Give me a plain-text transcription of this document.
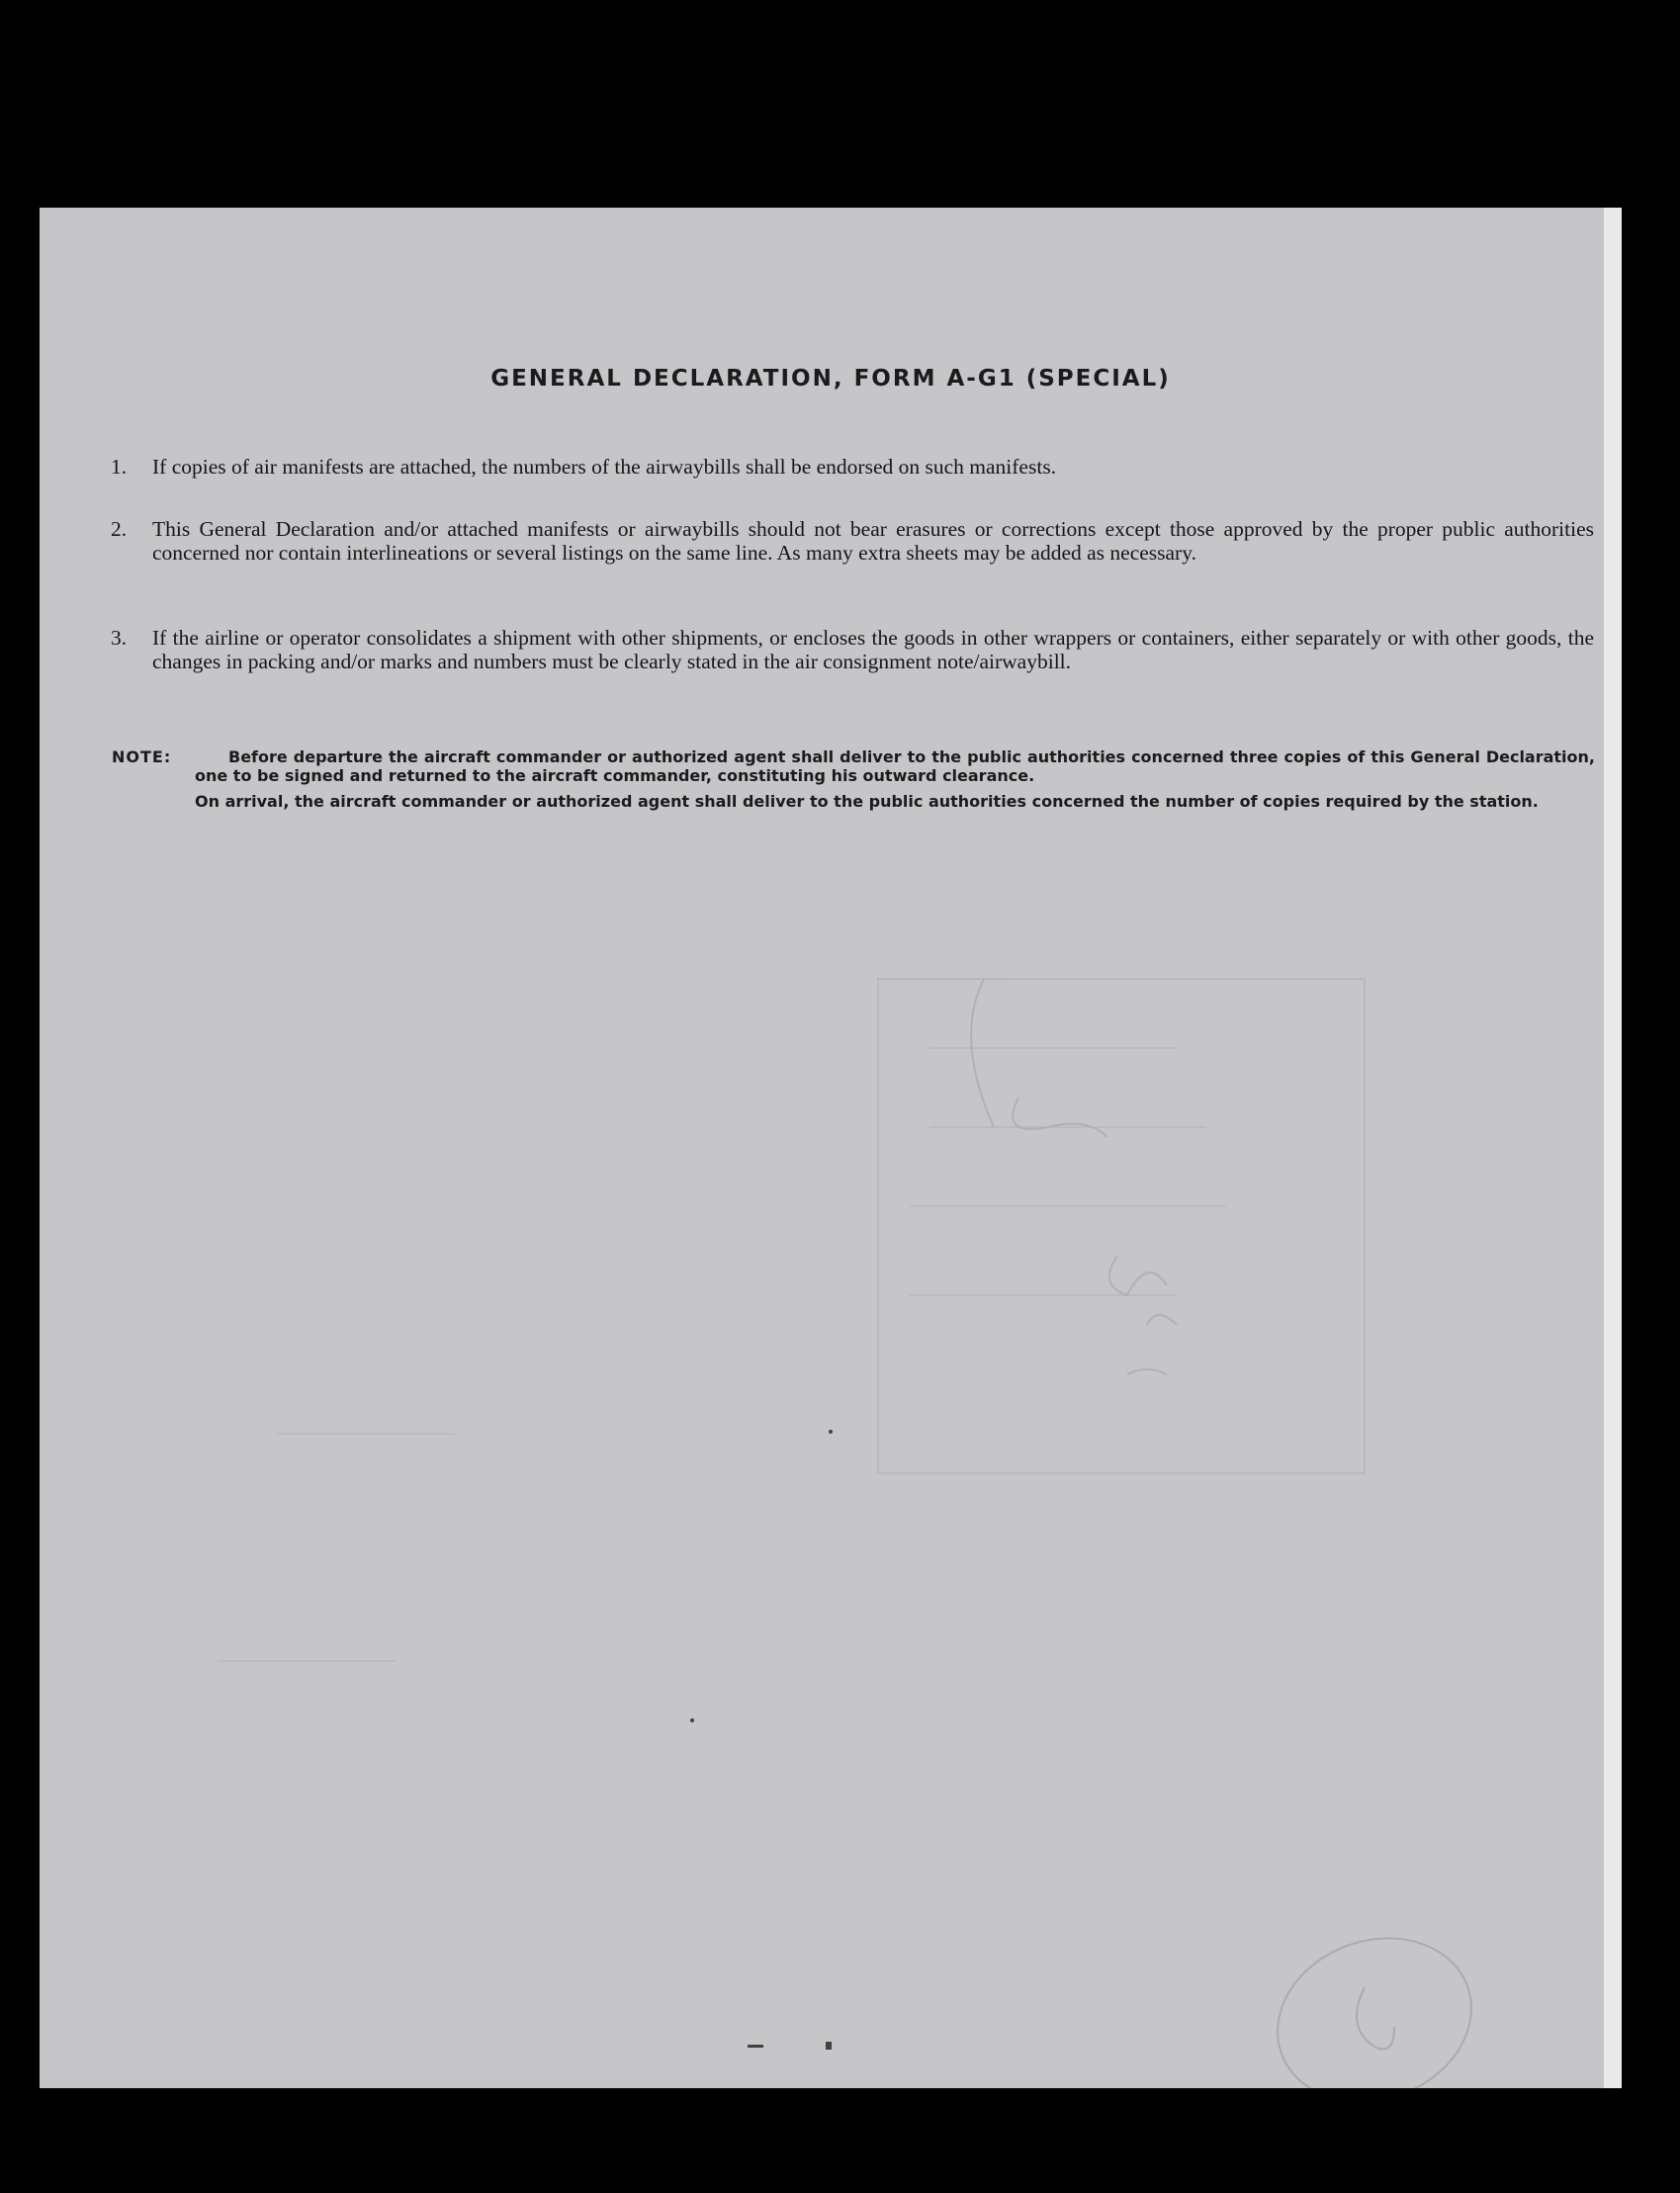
GENERAL DECLARATION, FORM A-G1 (SPECIAL)
1. If copies of air manifests are attached, the numbers of the airwaybills shall be endorsed on such manifests.
2. This General Declaration and/or attached manifests or airwaybills should not bear erasures or corrections except those approved by the proper public authorities concerned nor contain interlineations or several listings on the same line. As many extra sheets may be added as necessary.
3. If the airline or operator consolidates a shipment with other shipments, or encloses the goods in other wrappers or containers, either separately or with other goods, the changes in packing and/or marks and numbers must be clearly stated in the air consignment note/airwaybill.
NOTE:	Before departure the aircraft commander or authorized agent shall deliver to the public authorities concerned three copies of this General Declaration, one to be signed and returned to the aircraft commander, constituting his outward clearance.
On arrival, the aircraft commander or authorized agent shall deliver to the public authorities concerned the number of copies required by the station.
